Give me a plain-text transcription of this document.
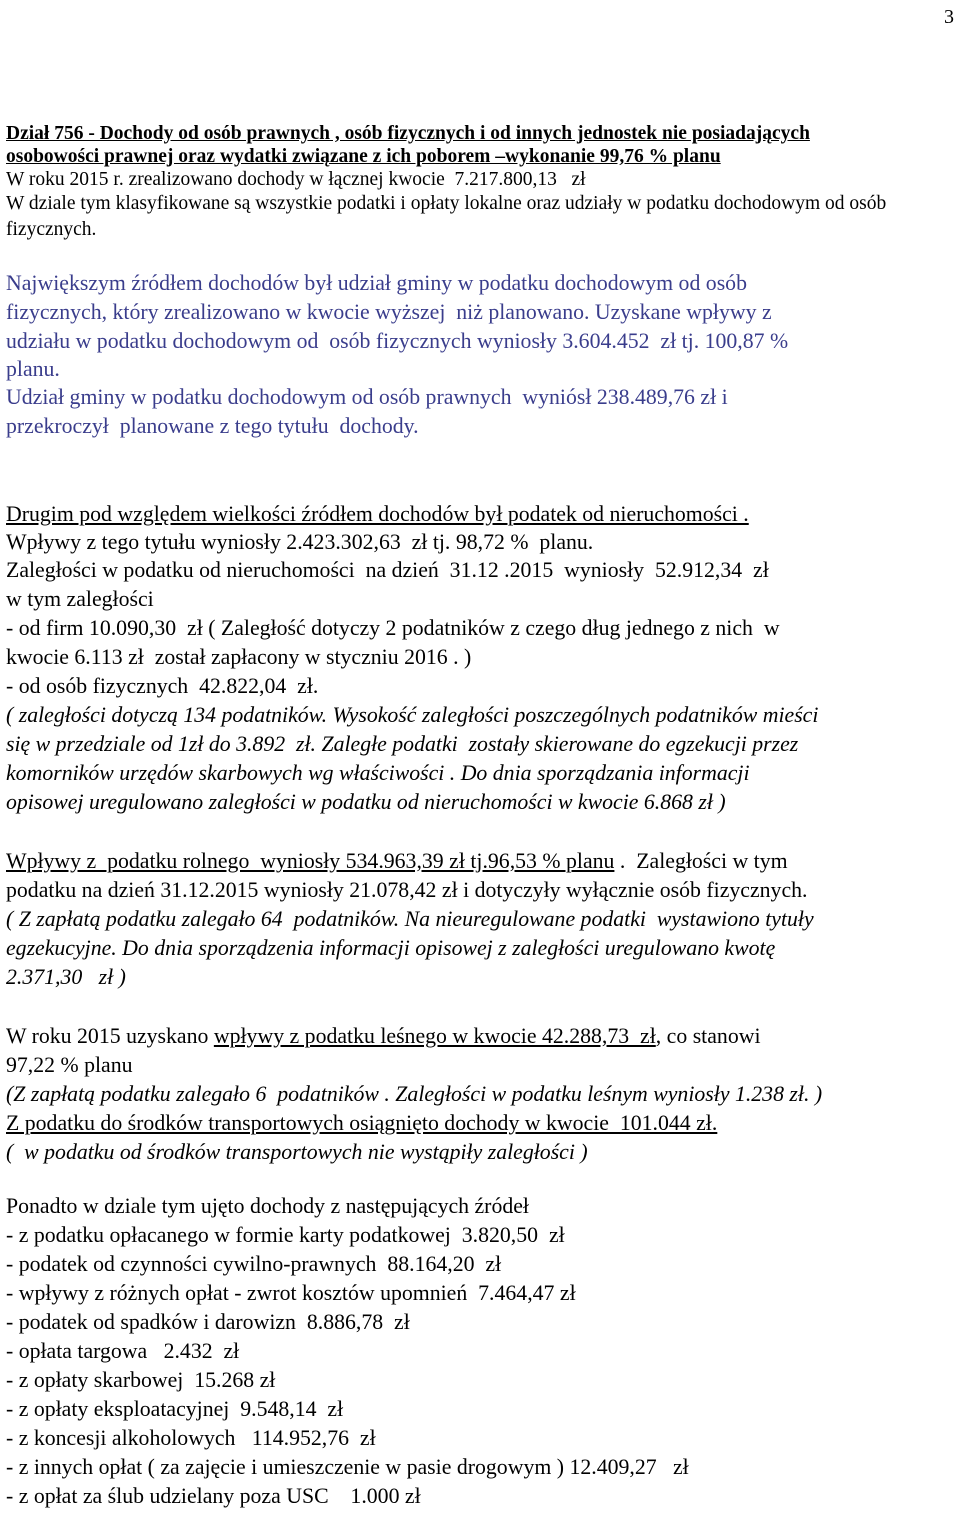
3
Dział 756 - Dochody od osób prawnych , osób fizycznych i od innych jednostek nie posiadających
osobowości prawnej oraz wydatki związane z ich poborem –wykonanie 99,76 % planu
W roku 2015 r. zrealizowano dochody w łącznej kwocie  7.217.800,13   zł
W dziale tym klasyfikowane są wszystkie podatki i opłaty lokalne oraz udziały w podatku dochodowym od osób
fizycznych.
Największym źródłem dochodów był udział gminy w podatku dochodowym od osób
fizycznych, który zrealizowano w kwocie wyższej  niż planowano. Uzyskane wpływy z
udziału w podatku dochodowym od  osób fizycznych wyniosły 3.604.452  zł tj. 100,87 %
planu.
Udział gminy w podatku dochodowym od osób prawnych  wyniósł 238.489,76 zł i
przekroczył  planowane z tego tytułu  dochody.
Drugim pod względem wielkości źródłem dochodów był podatek od nieruchomości .
Wpływy z tego tytułu wyniosły 2.423.302,63  zł tj. 98,72 %  planu.
Zaległości w podatku od nieruchomości  na dzień  31.12 .2015  wyniosły  52.912,34  zł
w tym zaległości
- od firm 10.090,30  zł ( Zaległość dotyczy 2 podatników z czego dług jednego z nich  w
kwocie 6.113 zł  został zapłacony w styczniu 2016 . )
- od osób fizycznych  42.822,04  zł.
( zaległości dotyczą 134 podatników. Wysokość zaległości poszczególnych podatników mieści
się w przedziale od 1zł do 3.892  zł. Zaległe podatki  zostały skierowane do egzekucji przez
komorników urzędów skarbowych wg właściwości . Do dnia sporządzania informacji
opisowej uregulowano zaległości w podatku od nieruchomości w kwocie 6.868 zł )
Wpływy z  podatku rolnego  wyniosły 534.963,39 zł tj.96,53 % planu .  Zaległości w tym
podatku na dzień 31.12.2015 wyniosły 21.078,42 zł i dotyczyły wyłącznie osób fizycznych.
( Z zapłatą podatku zalegało 64  podatników. Na nieuregulowane podatki  wystawiono tytuły
egzekucyjne. Do dnia sporządzenia informacji opisowej z zaległości uregulowano kwotę
2.371,30   zł )
W roku 2015 uzyskano wpływy z podatku leśnego w kwocie 42.288,73  zł, co stanowi
97,22 % planu
(Z zapłatą podatku zalegało 6  podatników . Zaległości w podatku leśnym wyniosły 1.238 zł. )
Z podatku do środków transportowych osiągnięto dochody w kwocie  101.044 zł.
(  w podatku od środków transportowych nie wystąpiły zaległości )
Ponadto w dziale tym ujęto dochody z następujących źródeł
- z podatku opłacanego w formie karty podatkowej  3.820,50  zł
- podatek od czynności cywilno-prawnych  88.164,20  zł
- wpływy z różnych opłat - zwrot kosztów upomnień  7.464,47 zł
- podatek od spadków i darowizn  8.886,78  zł
- opłata targowa   2.432  zł
- z opłaty skarbowej  15.268 zł
- z opłaty eksploatacyjnej  9.548,14  zł
- z koncesji alkoholowych   114.952,76  zł
- z innych opłat ( za zajęcie i umieszczenie w pasie drogowym ) 12.409,27   zł
- z opłat za ślub udzielany poza USC    1.000 zł
